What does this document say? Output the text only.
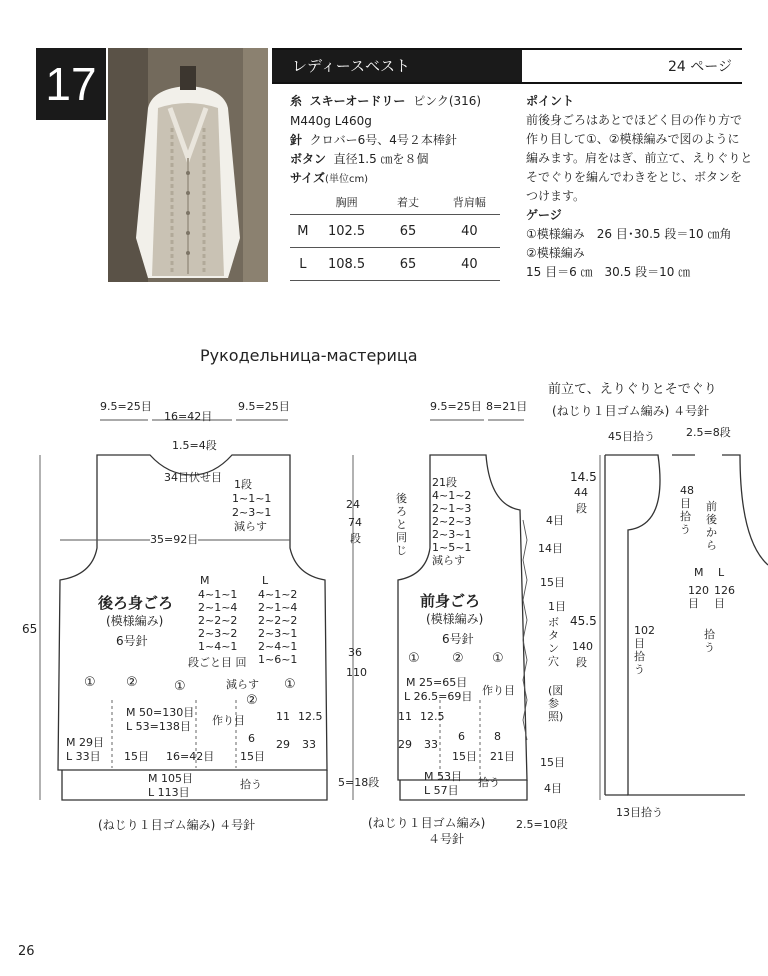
17	レディースベスト	24 ページ
糸 スキーオードリー ピンク(316)
M440g L460g
針 クロバー6号、4号２本棒針
ボタン 直径1.5 ㎝を８個
サイズ(単位cm)
	胸囲	着丈	背肩幅
M	102.5	65	40
L	108.5	65	40
ポイント
前後身ごろはあとでほどく目の作り方で
作り目して①、②模様編みで図のように
編みます。肩をはぎ、前立て、えりぐりと
そでぐりを編んでわきをとじ、ボタンを
つけます。
ゲージ
①模様編み　26 目･30.5 段＝10 ㎝角
②模様編み
15 目＝6 ㎝　30.5 段＝10 ㎝
Рукодельница-мастерица
9.5=25目
16=42目
9.5=25目
1.5=4段
34目伏せ目
1段
1~1~1
2~3~1
減らす
35=92目
65
後ろ身ごろ
(模様編み)
6号針
M	L
4~1~1
2~1~4
2~2~2
2~3~2
1~4~1
4~1~2
2~1~4
2~2~2
2~3~1
2~4~1
1~6~1
段ごと目 回
減らす
① ②	①
②
①
M 50=130目
L 53=138目 作り目
M 29目
L 33目 15目 16=42目 15目
11 12.5
29 33
6
M 105目
L 113目
拾う
(ねじり１目ゴム編み) ４号針
9.5=25目 8=21目
24
74
段
後ろと同じ
21段
4~1~2
2~1~3
2~2~3
2~3~1
1~5~1
減らす
前身ごろ
(模様編み)
6号針
① ② ①
36
110
M 25=65目
L 26.5=69目 作り目
11 12.5
29 33
6	8
21目
15目
5=18段	M 53目
L 57目
拾う
(ねじり１目ゴム編み)
４号針
2.5=10段
4目
14目
15目
1目
ボタン穴
(図参照)
15目
4目
14.5
44
段
45.5
140
段
前立て、えりぐりとそでぐり
(ねじり１目ゴム編み) ４号針
45目拾う	2.5=8段
48目拾う
前後から
M L
120目
126目
拾う
102目拾う
13目拾う
26
